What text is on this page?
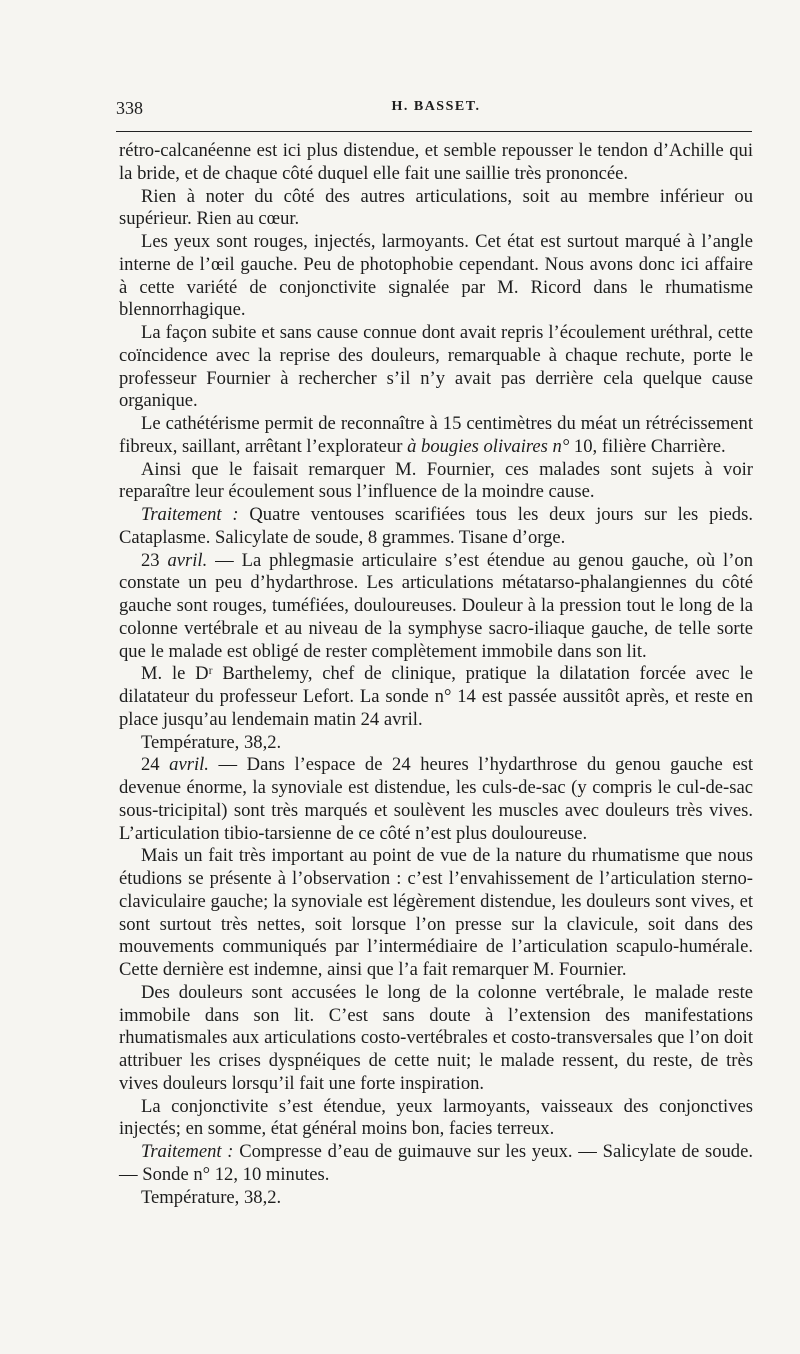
338	H. BASSET.

rétro-calcanéenne est ici plus distendue, et semble repousser le tendon d’Achille qui la bride, et de chaque côté duquel elle fait une saillie très prononcée.

Rien à noter du côté des autres articulations, soit au membre inférieur ou supérieur. Rien au cœur.

Les yeux sont rouges, injectés, larmoyants. Cet état est surtout marqué à l’angle interne de l’œil gauche. Peu de photophobie cependant. Nous avons donc ici affaire à cette variété de conjonctivite signalée par M. Ricord dans le rhumatisme blennorrhagique.

La façon subite et sans cause connue dont avait repris l’écoulement uréthral, cette coïncidence avec la reprise des douleurs, remarquable à chaque rechute, porte le professeur Fournier à rechercher s’il n’y avait pas derrière cela quelque cause organique.

Le cathétérisme permit de reconnaître à 15 centimètres du méat un rétrécissement fibreux, saillant, arrêtant l’explorateur à bougies olivaires n° 10, filière Charrière.

Ainsi que le faisait remarquer M. Fournier, ces malades sont sujets à voir reparaître leur écoulement sous l’influence de la moindre cause.

Traitement : Quatre ventouses scarifiées tous les deux jours sur les pieds. Cataplasme. Salicylate de soude, 8 grammes. Tisane d’orge.

23 avril. — La phlegmasie articulaire s’est étendue au genou gauche, où l’on constate un peu d’hydarthrose. Les articulations métatarso-phalangiennes du côté gauche sont rouges, tuméfiées, douloureuses. Douleur à la pression tout le long de la colonne vertébrale et au niveau de la symphyse sacro-iliaque gauche, de telle sorte que le malade est obligé de rester complètement immobile dans son lit.

M. le Dʳ Barthelemy, chef de clinique, pratique la dilatation forcée avec le dilatateur du professeur Lefort. La sonde n° 14 est passée aussitôt après, et reste en place jusqu’au lendemain matin 24 avril.

Température, 38,2.

24 avril. — Dans l’espace de 24 heures l’hydarthrose du genou gauche est devenue énorme, la synoviale est distendue, les culs-de-sac (y compris le cul-de-sac sous-tricipital) sont très marqués et soulèvent les muscles avec douleurs très vives. L’articulation tibio-tarsienne de ce côté n’est plus douloureuse.

Mais un fait très important au point de vue de la nature du rhumatisme que nous étudions se présente à l’observation : c’est l’envahissement de l’articulation sterno-claviculaire gauche; la synoviale est légèrement distendue, les douleurs sont vives, et sont surtout très nettes, soit lorsque l’on presse sur la clavicule, soit dans des mouvements communiqués par l’intermédiaire de l’articulation scapulo-humérale. Cette dernière est indemne, ainsi que l’a fait remarquer M. Fournier.

Des douleurs sont accusées le long de la colonne vertébrale, le malade reste immobile dans son lit. C’est sans doute à l’extension des manifestations rhumatismales aux articulations costo-vertébrales et costo-transversales que l’on doit attribuer les crises dyspnéiques de cette nuit; le malade ressent, du reste, de très vives douleurs lorsqu’il fait une forte inspiration.

La conjonctivite s’est étendue, yeux larmoyants, vaisseaux des conjonctives injectés; en somme, état général moins bon, facies terreux.

Traitement : Compresse d’eau de guimauve sur les yeux. — Salicylate de soude. — Sonde n° 12, 10 minutes.

Température, 38,2.
